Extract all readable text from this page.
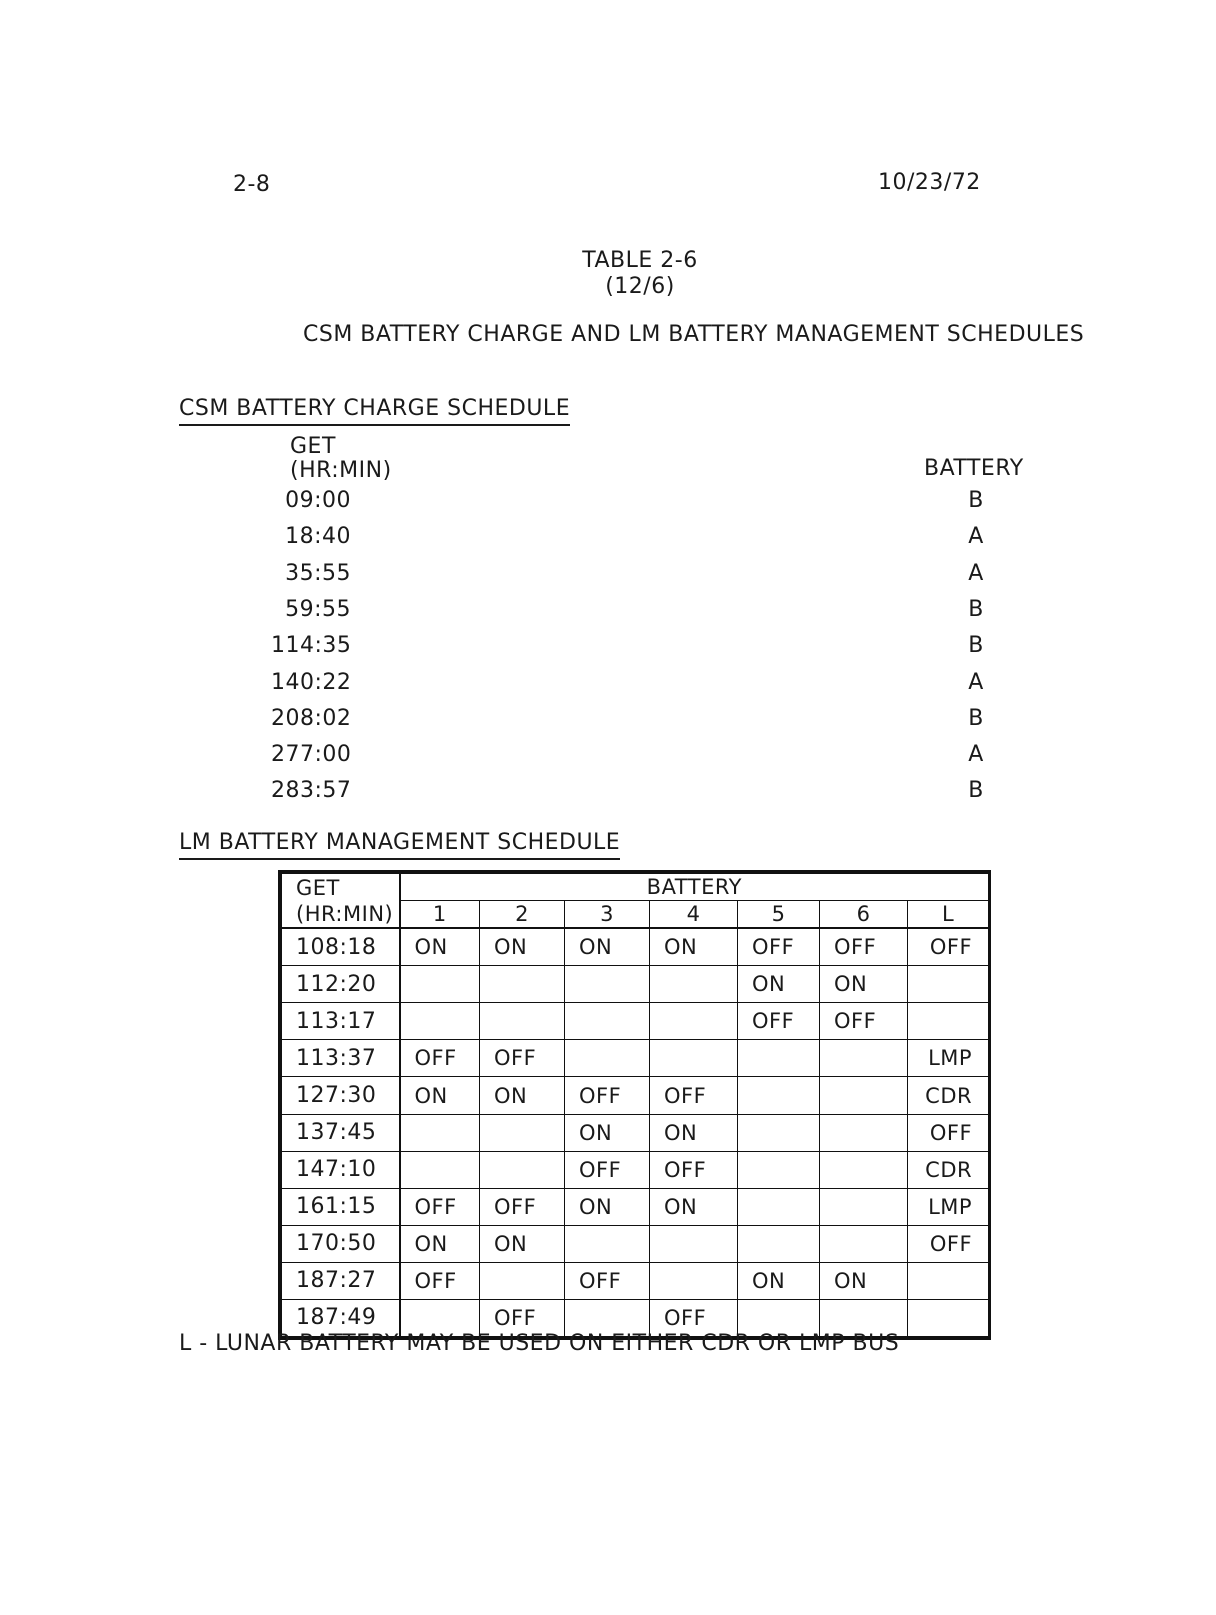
2-8	10/23/72
TABLE 2-6
(12/6)
CSM BATTERY CHARGE AND LM BATTERY MANAGEMENT SCHEDULES
CSM BATTERY CHARGE SCHEDULE
GET
(HR:MIN)	BATTERY
09:00	B
18:40	A
35:55	A
59:55	B
114:35	B
140:22	A
208:02	B
277:00	A
283:57	B
LM BATTERY MANAGEMENT SCHEDULE
GET
(HR:MIN)	BATTERY						
	1	2	3	4	5	6	L
108:18	ON	ON	ON	ON	OFF	OFF	OFF
112:20					ON	ON	
113:17					OFF	OFF	
113:37	OFF	OFF					LMP
127:30	ON	ON	OFF	OFF			CDR
137:45			ON	ON			OFF
147:10			OFF	OFF			CDR
161:15	OFF	OFF	ON	ON			LMP
170:50	ON	ON					OFF
187:27	OFF		OFF		ON	ON	
187:49		OFF		OFF			
L - LUNAR BATTERY MAY BE USED ON EITHER CDR OR LMP BUS
